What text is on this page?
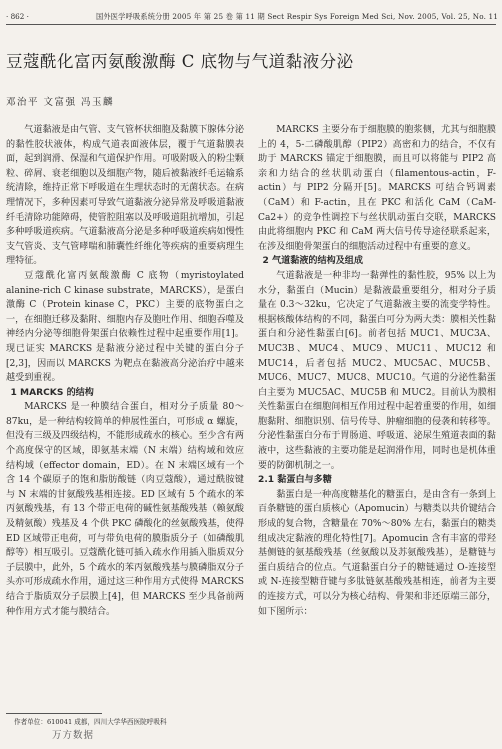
· 862 ·	国外医学呼吸系统分册 2005 年 第 25 卷 第 11 期 Sect Respir Sys Foreign Med Sci, Nov. 2005, Vol. 25, No. 11
豆蔻酰化富丙氨酸激酶 C 底物与气道黏液分泌
邓治平 文富强 冯玉麟

气道黏液是由气管、支气管杯状细胞及黏膜下腺体分泌的黏性胶状液体，构成气道表面液体层，覆于气道黏膜表面，起到润滑、保湿和气道保护作用。可吸附吸入的粉尘颗粒、碎屑、衰老细胞以及细胞产物，随后被黏液纤毛运输系统清除，维持正常下呼吸道在生理状态时的无菌状态。在病理情况下，多种因素可导致气道黏液分泌异常及呼吸道黏液纤毛清除功能障碍，使管腔阻塞以及呼吸道阻抗增加，引起多种呼吸道疾病。气道黏液高分泌是多种呼吸道疾病如慢性支气管炎、支气管哮喘和肺囊性纤维化等疾病的重要病理生理特征。

豆蔻酰化富丙氨酸激酶 C 底物（myristoylated alanine-rich C kinase substrate，MARCKS），是蛋白激酶 C（Protein kinase C，PKC）主要的底物蛋白之一，在细胞迁移及黏附、细胞内存及胞吐作用、细胞吞噬及神经内分泌等细胞骨架蛋白依赖性过程中起重要作用[1]。现已证实 MARCKS 是黏液分泌过程中关键的蛋白分子[2,3]，因而以 MARCKS 为靶点在黏液高分泌治疗中越来越受到重视。

1 MARCKS 的结构

MARCKS 是一种膜结合蛋白，相对分子质量 80～87ku，是一种结构较简单的伸展性蛋白，可形成 α 螺旋，但没有三级及四级结构，不能形成疏水的核心。至少含有两个高度保守的区域，即氨基末端（N 末端）结构域和效应结构域（effector domain，ED）。在 N 末端区域有一个含 14 个碳原子的饱和脂肪酸链（肉豆蔻酸），通过酰胺键与 N 末端的甘氨酸残基相连接。ED 区域有 5 个疏水的苯丙氨酸残基，有 13 个带正电荷的碱性氨基酸残基（赖氨酸及精氨酸）残基及 4 个供 PKC 磷酸化的丝氨酸残基，使得 ED 区域带正电荷，可与带负电荷的膜脂质分子（如磷酸肌醇等）相互吸引。豆蔻酰化链可插入疏水作用插入脂质双分子层膜中，此外，5 个疏水的苯丙氨酸残基与膜磷脂双分子头亦可形成疏水作用，通过这三种作用方式使得 MARCKS 结合于脂质双分子层膜上[4]，但 MARCKS 至少具备前两种作用方式才能与膜结合。

MARCKS 主要分布于细胞膜的胞浆侧，尤其与细胞膜上的 4，5-二磷酸肌醇（PIP2）高密和力的结合，不仅有助于 MARCKS 锚定于细胞膜，而且可以将能与 PIP2 高亲和力结合的丝状肌动蛋白（filamentous-actin，F-actin）与 PIP2 分隔开[5]。MARCKS 可结合钙调素（CaM）和 F-actin，且在 PKC 和活化 CaM（CaM-Ca2+）的竞争性调控下与丝状肌动蛋白交联，MARCKS 由此将细胞内 PKC 和 CaM 两大信号传导途径联系起来，在涉及细胞骨架蛋白的细胞活动过程中有重要的意义。

2 气道黏液的结构及组成

气道黏液是一种非均一黏弹性的黏性胶，95% 以上为水分，黏蛋白（Mucin）是黏液最重要组分，相对分子质量在 0.3～32ku，它决定了气道黏液主要的流变学特性。根据核酸体结构的不同，黏蛋白可分为两大类：膜相关性黏蛋白和分泌性黏蛋白[6]。前者包括 MUC1、MUC3A、MUC3B、MUC4、MUC9、MUC11、MUC12 和 MUC14，后者包括 MUC2、MUC5AC、MUC5B、MUC6、MUC7、MUC8、MUC10。气道的分泌性黏蛋白主要为 MUC5AC、MUC5B 和 MUC2。目前认为膜相关性黏蛋白在细胞间相互作用过程中起着重要的作用，如细胞黏附、细胞识别、信号传导、肿瘤细胞的侵袭和转移等。分泌性黏蛋白分布于胃肠道、呼吸道、泌尿生殖道表面的黏液中，这些黏液的主要功能是起润滑作用，同时也是机体重要的防御机制之一。

2.1 黏蛋白与多糖

黏蛋白是一种高度糖基化的糖蛋白，是由含有一条到上百条糖链的蛋白质核心（Apomucin）与糖类以共价键结合形成的复合物，含糖量在 70%～80% 左右，黏蛋白的糖类组成决定黏液的理化特性[7]。Apomucin 含有丰富的带羟基侧链的氨基酸残基（丝氨酸以及苏氨酸残基），是糖链与蛋白质结合的位点。气道黏蛋白分子的糖链通过 O-连接型或 N-连接型糖苷键与多肽链氨基酸残基相连，前者为主要的连接方式，可以分为核心结构、骨架和非还原端三部分，如下图所示：

作者单位：610041 成都，四川大学华西医院呼吸科
万方数据
